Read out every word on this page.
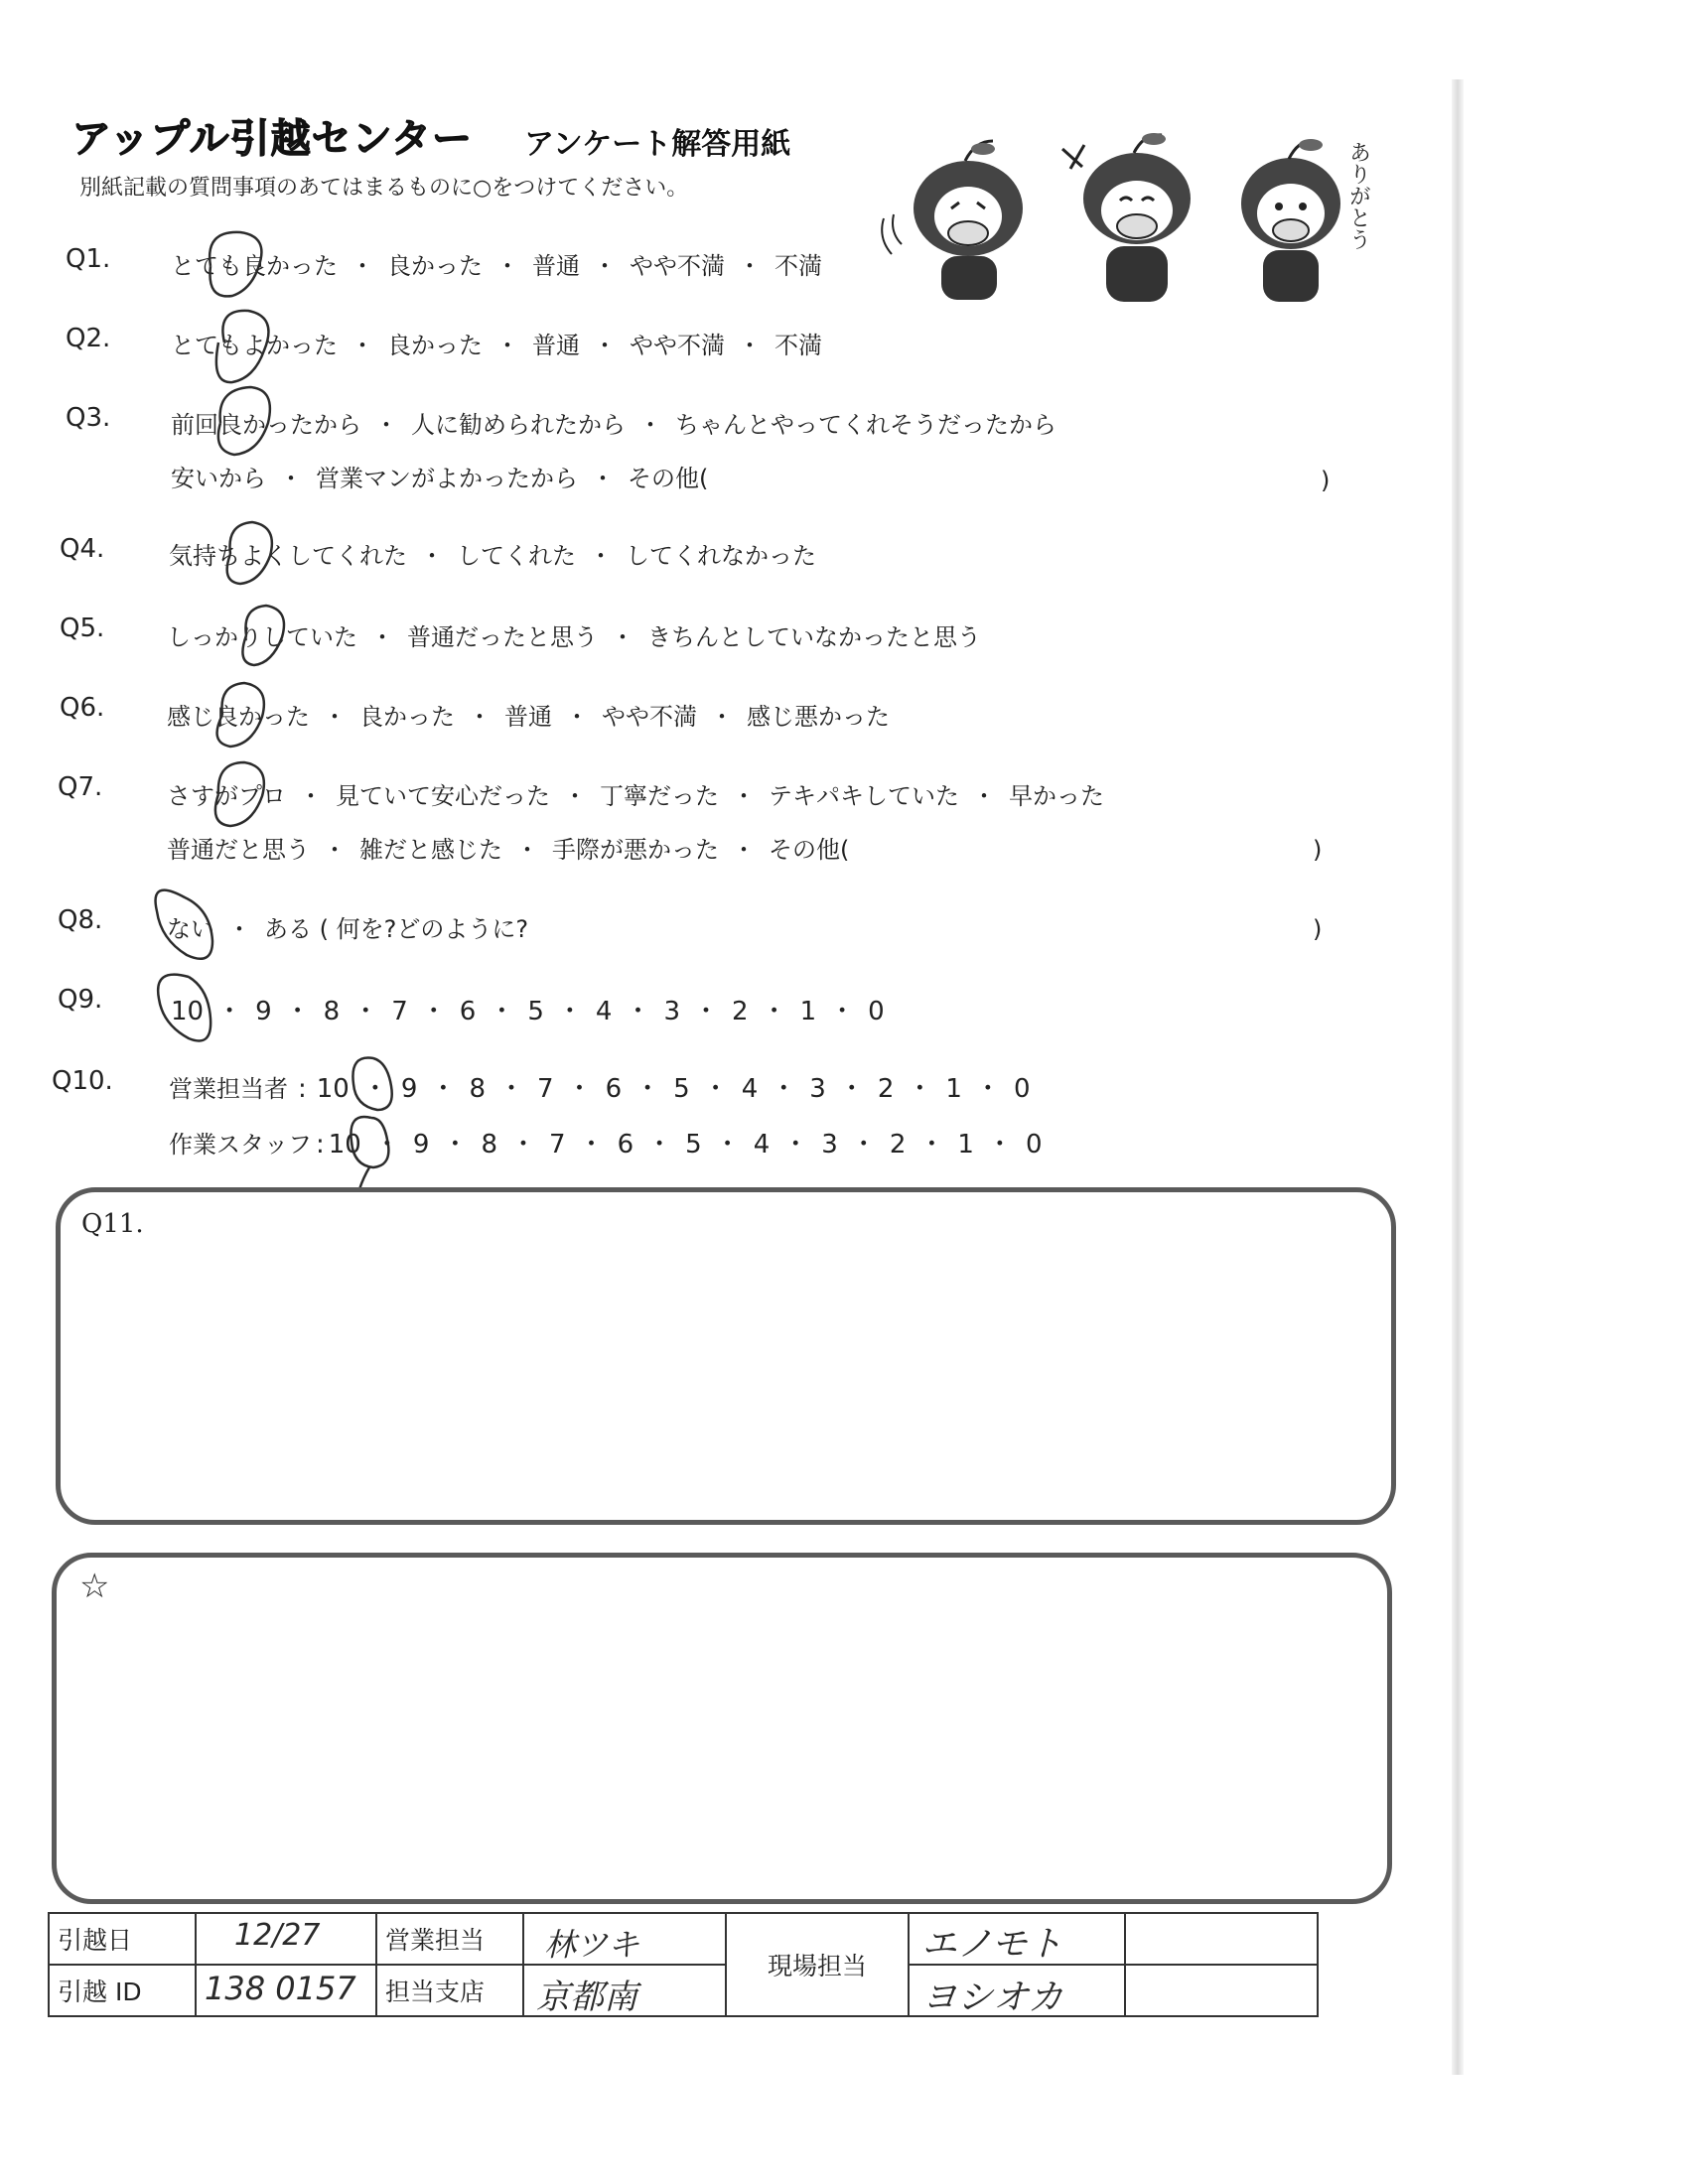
アップル引越センター アンケート解答用紙
別紙記載の質問事項のあてはまるものに○をつけてください。	ありがとう
Q1.	とても良かった ・ 良かった ・ 普通 ・ やや不満 ・ 不満
Q2.	とてもよかった ・ 良かった ・ 普通 ・ やや不満 ・ 不満
Q3.	前回良かったから ・ 人に勧められたから ・ ちゃんとやってくれそうだったから
安いから ・ 営業マンがよかったから ・ その他(	)
Q4.	気持ちよくしてくれた ・ してくれた ・ してくれなかった
Q5.	しっかりしていた ・ 普通だったと思う ・ きちんとしていなかったと思う
Q6.	感じ良かった ・ 良かった ・ 普通 ・ やや不満 ・ 感じ悪かった
Q7.	さすがプロ ・ 見ていて安心だった ・ 丁寧だった ・ テキパキしていた ・ 早かった
普通だと思う ・ 雑だと感じた ・ 手際が悪かった ・ その他(	)
Q8.	ない ・ ある ( 何を?どのように?	)
Q9.	10 ・ 9 ・ 8 ・ 7 ・ 6 ・ 5 ・ 4 ・ 3 ・ 2 ・ 1 ・ 0
Q10. 営業担当者 : 10 ・ 9 ・ 8 ・ 7 ・ 6 ・ 5 ・ 4 ・ 3 ・ 2 ・ 1 ・ 0
作業スタッフ : 10 ・ 9 ・ 8 ・ 7 ・ 6 ・ 5 ・ 4 ・ 3 ・ 2 ・ 1 ・ 0
Q11.
☆
引越日	12/27	営業担当	林ツキ	現場担当	エノモト	

引越 ID	138 0157	担当支店	京都南		ヨシオカ	
